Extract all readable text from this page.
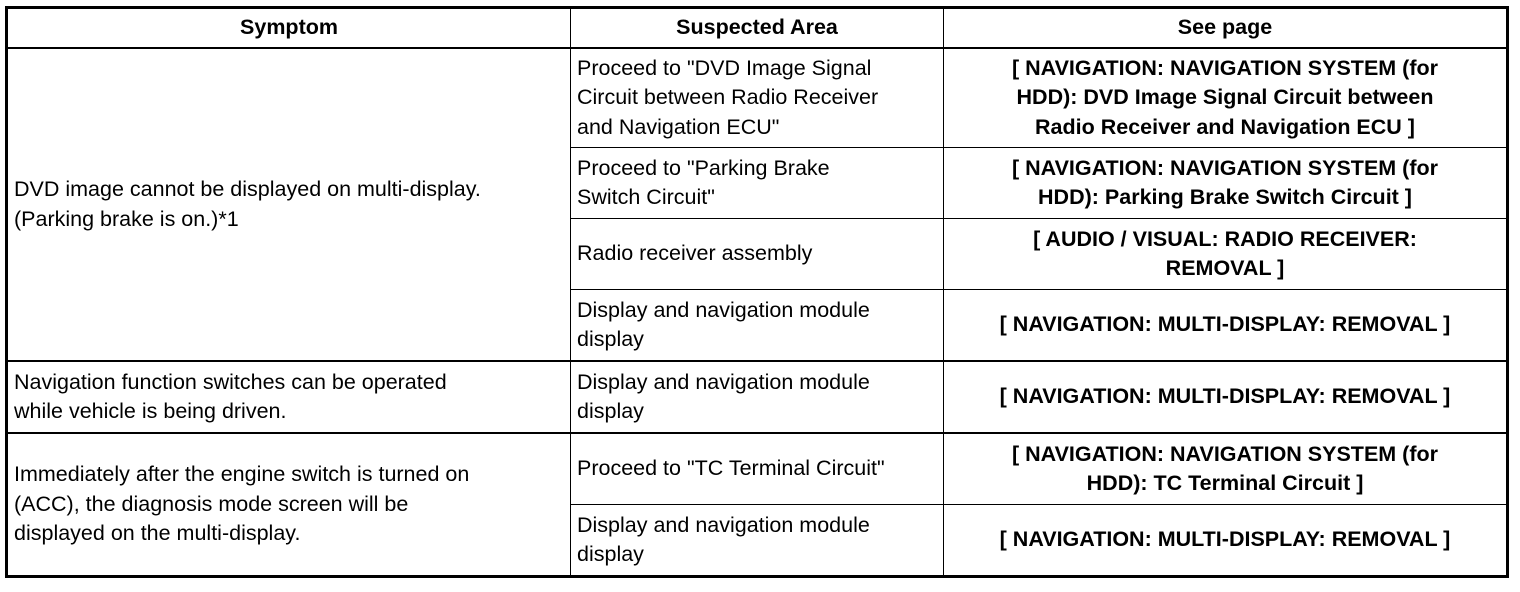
Symptom	Suspected Area	See page
DVD image cannot be displayed on multi-display.
(Parking brake is on.)*1	Proceed to "DVD Image Signal
Circuit between Radio Receiver
and Navigation ECU"	[ NAVIGATION: NAVIGATION SYSTEM (for
HDD): DVD Image Signal Circuit between
Radio Receiver and Navigation ECU ]
	Proceed to "Parking Brake
Switch Circuit"	[ NAVIGATION: NAVIGATION SYSTEM (for
HDD): Parking Brake Switch Circuit ]
	Radio receiver assembly	[ AUDIO / VISUAL: RADIO RECEIVER:
REMOVAL ]
	Display and navigation module
display	[ NAVIGATION: MULTI-DISPLAY: REMOVAL ]
Navigation function switches can be operated
while vehicle is being driven.	Display and navigation module
display	[ NAVIGATION: MULTI-DISPLAY: REMOVAL ]
Immediately after the engine switch is turned on
(ACC), the diagnosis mode screen will be
displayed on the multi-display.	Proceed to "TC Terminal Circuit"	[ NAVIGATION: NAVIGATION SYSTEM (for
HDD): TC Terminal Circuit ]
	Display and navigation module
display	[ NAVIGATION: MULTI-DISPLAY: REMOVAL ]
